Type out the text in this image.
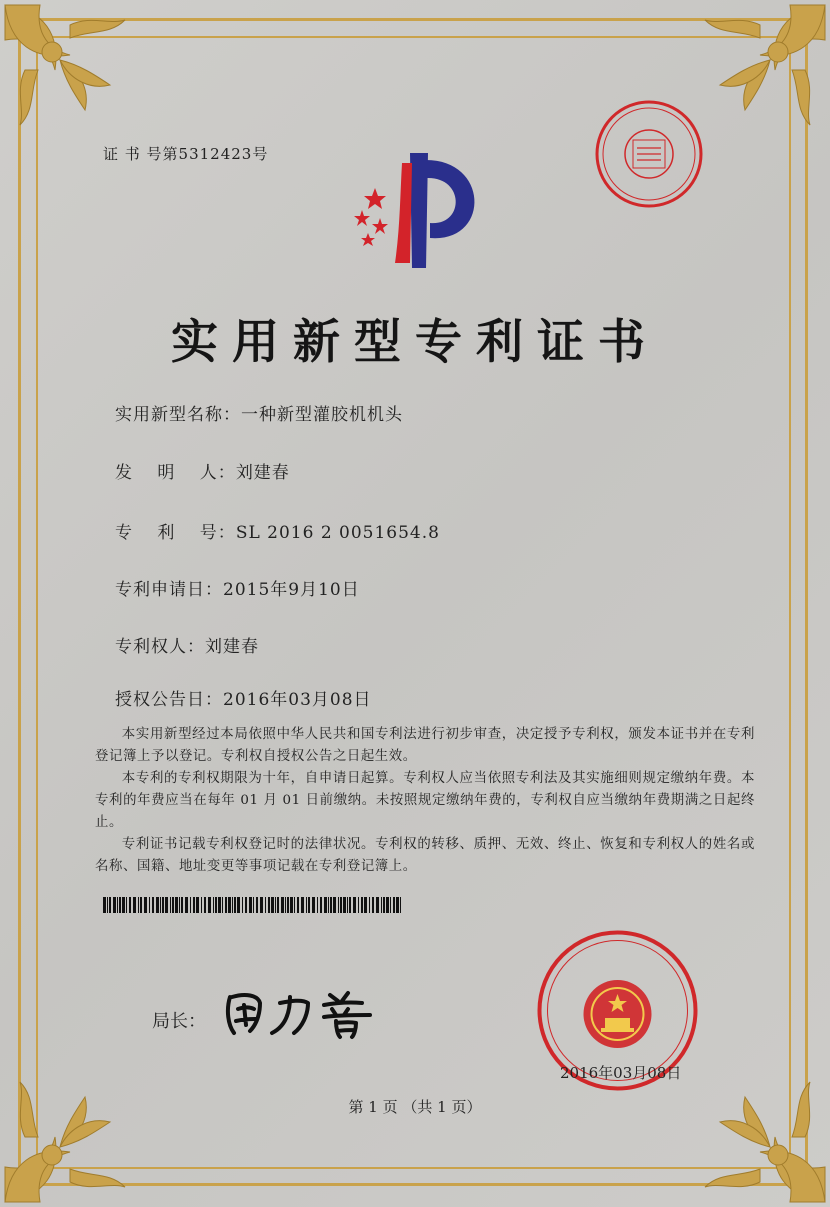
证 书 号第5312423号
实用新型专利证书
实用新型名称：一种新型灌胶机机头
发　 明　 人：刘建春
专　 利　 号：SL 2016 2 0051654.8
专利申请日：2015年9月10日
专利权人：刘建春
授权公告日：2016年03月08日

本实用新型经过本局依照中华人民共和国专利法进行初步审查，决定授予专利权，颁发本证书并在专利登记簿上予以登记。专利权自授权公告之日起生效。

本专利的专利权期限为十年，自申请日起算。专利权人应当依照专利法及其实施细则规定缴纳年费。本专利的年费应当在每年 01 月 01 日前缴纳。未按照规定缴纳年费的，专利权自应当缴纳年费期满之日起终止。

专利证书记载专利权登记时的法律状况。专利权的转移、质押、无效、终止、恢复和专利权人的姓名或名称、国籍、地址变更等事项记载在专利登记簿上。

局长：
2016年03月08日
第 1 页 （共 1 页）
